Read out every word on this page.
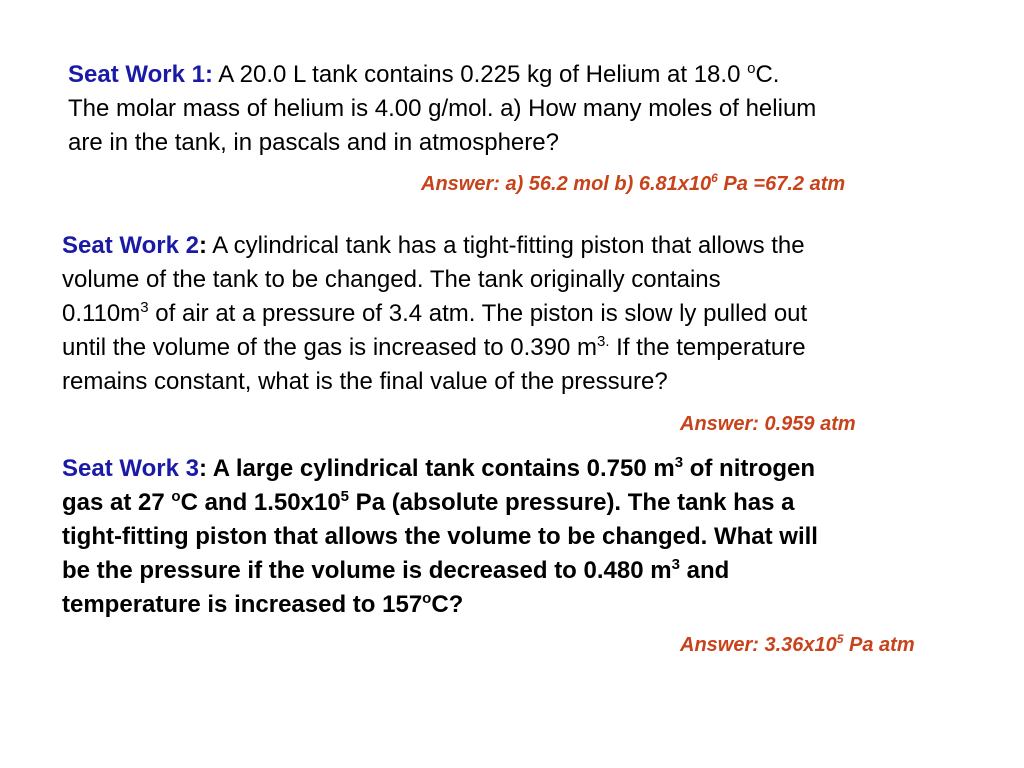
Seat Work 1: A 20.0 L tank contains 0.225 kg of Helium at 18.0 $^o$C.
The molar mass of helium is 4.00 g/mol. a) How many moles of helium
are in the tank, in pascals and in atmosphere?
Answer: a) 56.2 mol b) $6.81x10^6$ Pa =67.2 atm
Seat Work 2: A cylindrical tank has a tight-fitting piston that allows the
volume of the tank to be changed. The tank originally contains
$0.110m^3$ of air at a pressure of 3.4 atm. The piston is slow ly pulled out
until the volume of the gas is increased to 0.390 $m^{3.}$ If the temperature
remains constant, what is the final value of the pressure?
Answer: 0.959 atm
Seat Work 3: A large cylindrical tank contains 0.750 $m^3$ of nitrogen
gas at 27 $^o$C and $1.50x10^5$ Pa (absolute pressure). The tank has a
tight-fitting piston that allows the volume to be changed. What will
be the pressure if the volume is decreased to 0.480 $m^3$ and
temperature is increased to 157$^o$C?
Answer: $3.36x10^5$ Pa atm
